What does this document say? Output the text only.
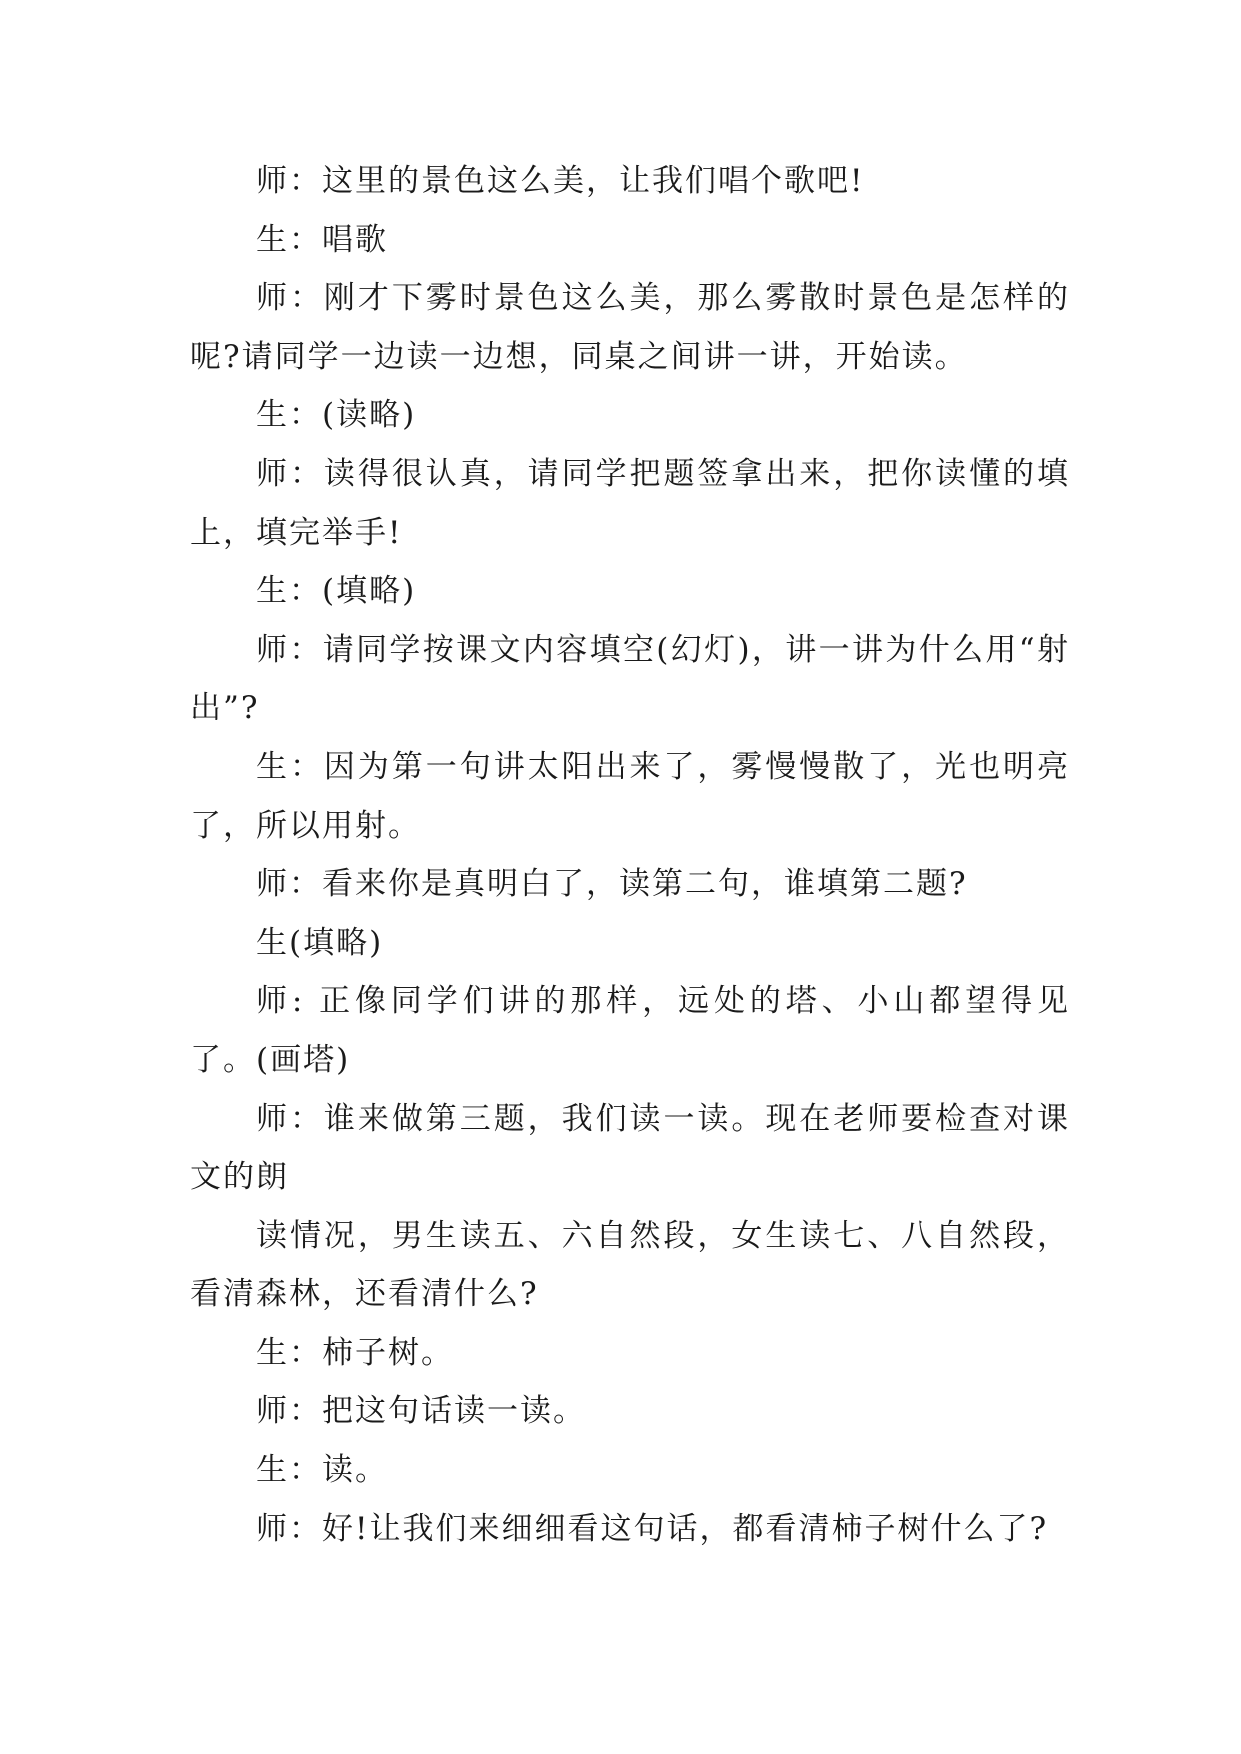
师：这里的景色这么美，让我们唱个歌吧!

生：唱歌

师：刚才下雾时景色这么美，那么雾散时景色是怎样的呢?请同学一边读一边想，同桌之间讲一讲，开始读。

生：(读略)

师：读得很认真，请同学把题签拿出来，把你读懂的填上，填完举手!

生：(填略)

师：请同学按课文内容填空(幻灯)，讲一讲为什么用“射出”?

生：因为第一句讲太阳出来了，雾慢慢散了，光也明亮了，所以用射。

师：看来你是真明白了，读第二句，谁填第二题?

生(填略)

师: 正像同学们讲的那样，远处的塔、小山都望得见了。(画塔)

师：谁来做第三题，我们读一读。现在老师要检查对课文的朗

读情况，男生读五、六自然段，女生读七、八自然段，看清森林，还看清什么?

生：柿子树。

师：把这句话读一读。

生：读。

师：好!让我们来细细看这句话，都看清柿子树什么了?
